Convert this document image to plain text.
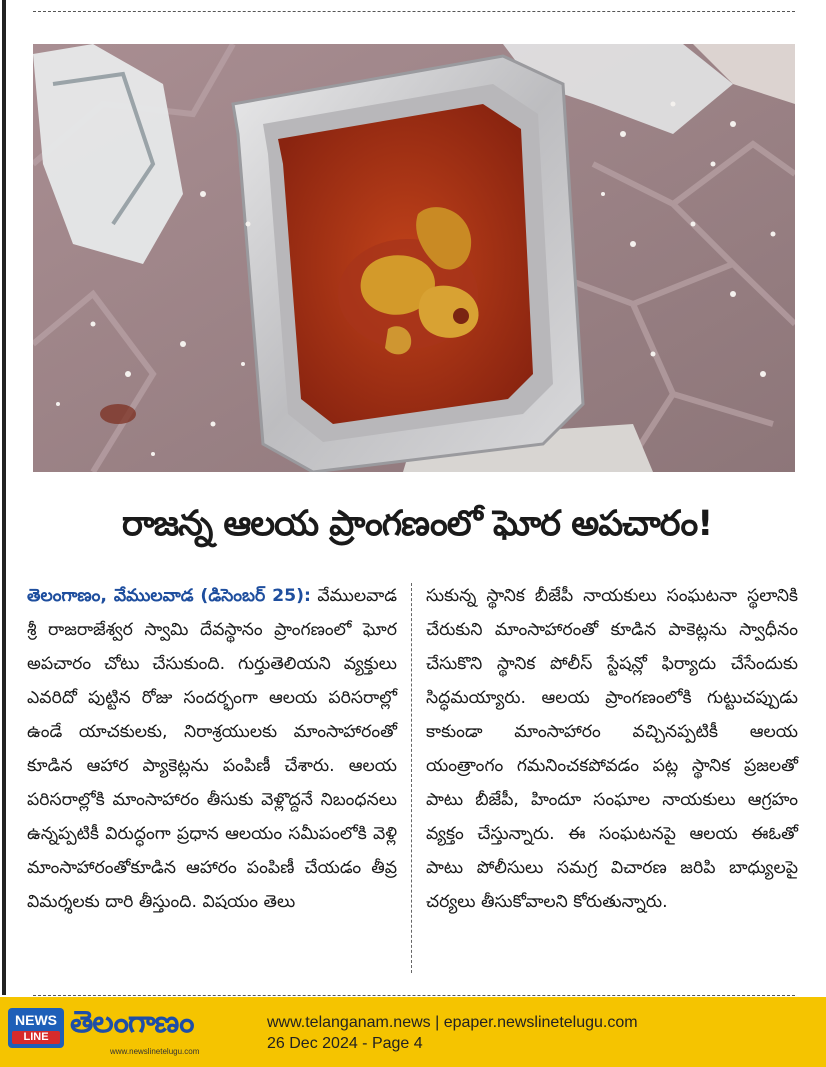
రాజన్న ఆలయ ప్రాంగణంలో ఘోర అపచారం!
తెలంగాణం, వేములవాడ (డిసెంబర్ 25): వేములవాడ శ్రీ రాజరాజేశ్వర స్వామి దేవస్థానం ప్రాంగణంలో ఘోర అపచారం చోటు చేసుకుంది. గుర్తుతెలియని వ్యక్తులు ఎవరిదో పుట్టిన రోజు సందర్భంగా ఆలయ పరిసరాల్లో ఉండే యాచకులకు, నిరాశ్రయులకు మాంసాహారంతో కూడిన ఆహార ప్యాకెట్లను పంపిణీ చేశారు. ఆలయ పరిసరాల్లోకి మాంసాహారం తీసుకు వెళ్లొద్దనే నిబంధనలు ఉన్నప్పటికీ విరుద్ధంగా ప్రధాన ఆలయం సమీపంలోకి వెళ్లి మాంసాహారంతోకూడిన ఆహారం పంపిణీ చేయడం తీవ్ర విమర్శలకు దారి తీస్తుంది. విషయం తెలు
సుకున్న స్థానిక బీజేపీ నాయకులు సంఘటనా స్థలానికి చేరుకుని మాంసాహారంతో కూడిన పాకెట్లను స్వాధీనం చేసుకొని స్థానిక పోలీస్ స్టేషన్లో ఫిర్యాదు చేసేందుకు సిద్ధమయ్యారు. ఆలయ ప్రాంగణంలోకి గుట్టుచప్పుడు కాకుండా మాంసాహారం వచ్చినప్పటికీ ఆలయ యంత్రాంగం గమనించకపోవడం పట్ల స్థానిక ప్రజలతో పాటు బీజేపీ, హిందూ సంఘాల నాయకులు ఆగ్రహం వ్యక్తం చేస్తున్నారు. ఈ సంఘటనపై ఆలయ ఈఓతో పాటు పోలీసులు సమగ్ర విచారణ జరిపి బాధ్యులపై చర్యలు తీసుకోవాలని కోరుతున్నారు.
NEWS
LINE తెలంగాణం
www.newslinetelugu.com
www.telanganam.news | epaper.newslinetelugu.com
26 Dec 2024 - Page 4
